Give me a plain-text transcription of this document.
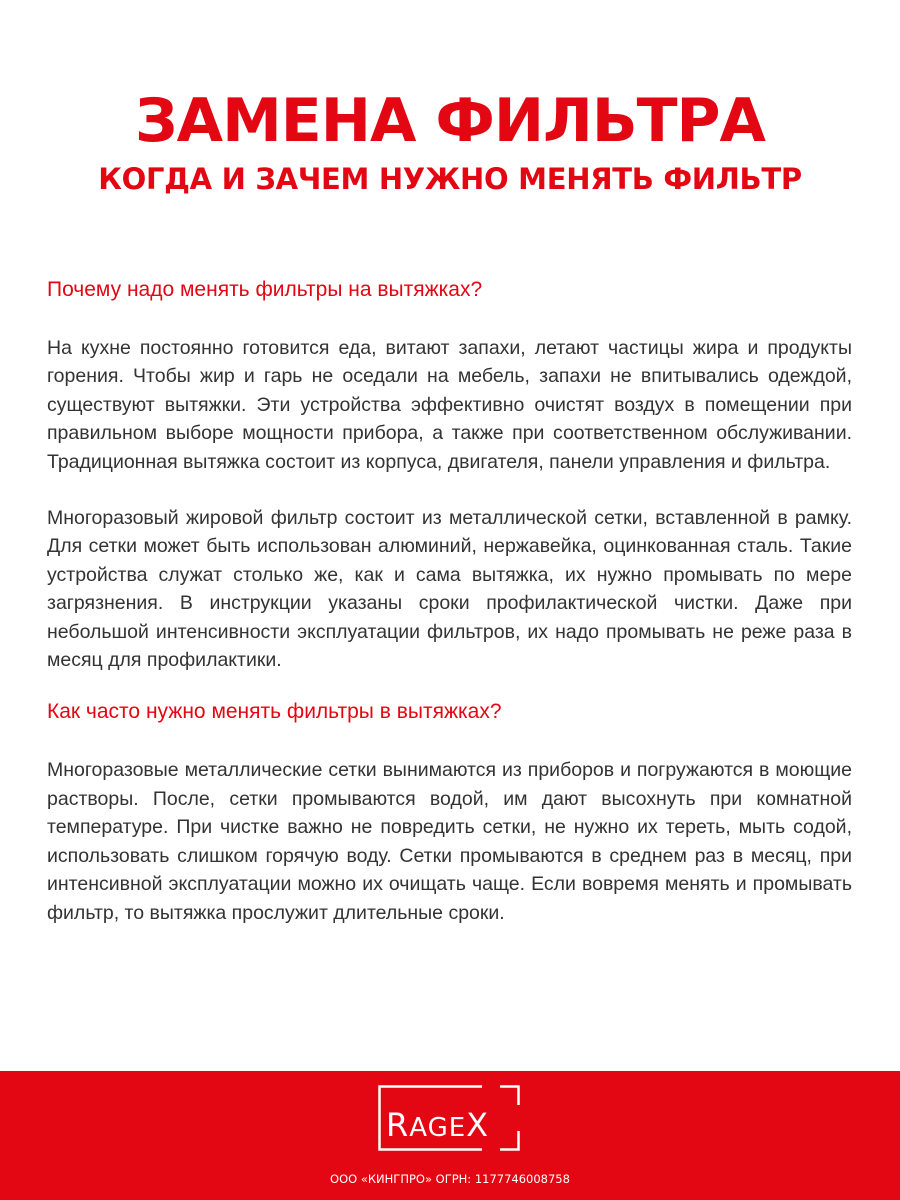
ЗАМЕНА ФИЛЬТРА
КОГДА И ЗАЧЕМ НУЖНО МЕНЯТЬ ФИЛЬТР

Почему надо менять фильтры на вытяжках?

На кухне постоянно готовится еда, витают запахи, летают частицы жира и продукты горения. Чтобы жир и гарь не оседали на мебель, запахи не впитывались одеждой, существуют вытяжки. Эти устройства эффективно очистят воздух в помещении при правильном выборе мощности прибора, а также при соответственном обслуживании. Традиционная вытяжка состоит из корпуса, двигателя, панели управления и фильтра.

Многоразовый жировой фильтр состоит из металлической сетки, вставленной в рамку. Для сетки может быть использован алюминий, нержавейка, оцинкованная сталь. Такие устройства служат столько же, как и сама вытяжка, их нужно промывать по мере загрязнения. В инструкции указаны сроки профилактической чистки. Даже при небольшой интенсивности эксплуатации фильтров, их надо промывать не реже раза в месяц для профилактики.

Как часто нужно менять фильтры в вытяжках?

Многоразовые металлические сетки вынимаются из приборов и погружаются в моющие растворы. После, сетки промываются водой, им дают высохнуть при комнатной температуре. При чистке важно не повредить сетки, не нужно их тереть, мыть содой, использовать слишком горячую воду. Сетки промываются в среднем раз в месяц, при интенсивной эксплуатации можно их очищать чаще. Если вовремя менять и промывать фильтр, то вытяжка прослужит длительные сроки.

RAGEX
ООО «КИНГПРО» ОГРН: 1177746008758
